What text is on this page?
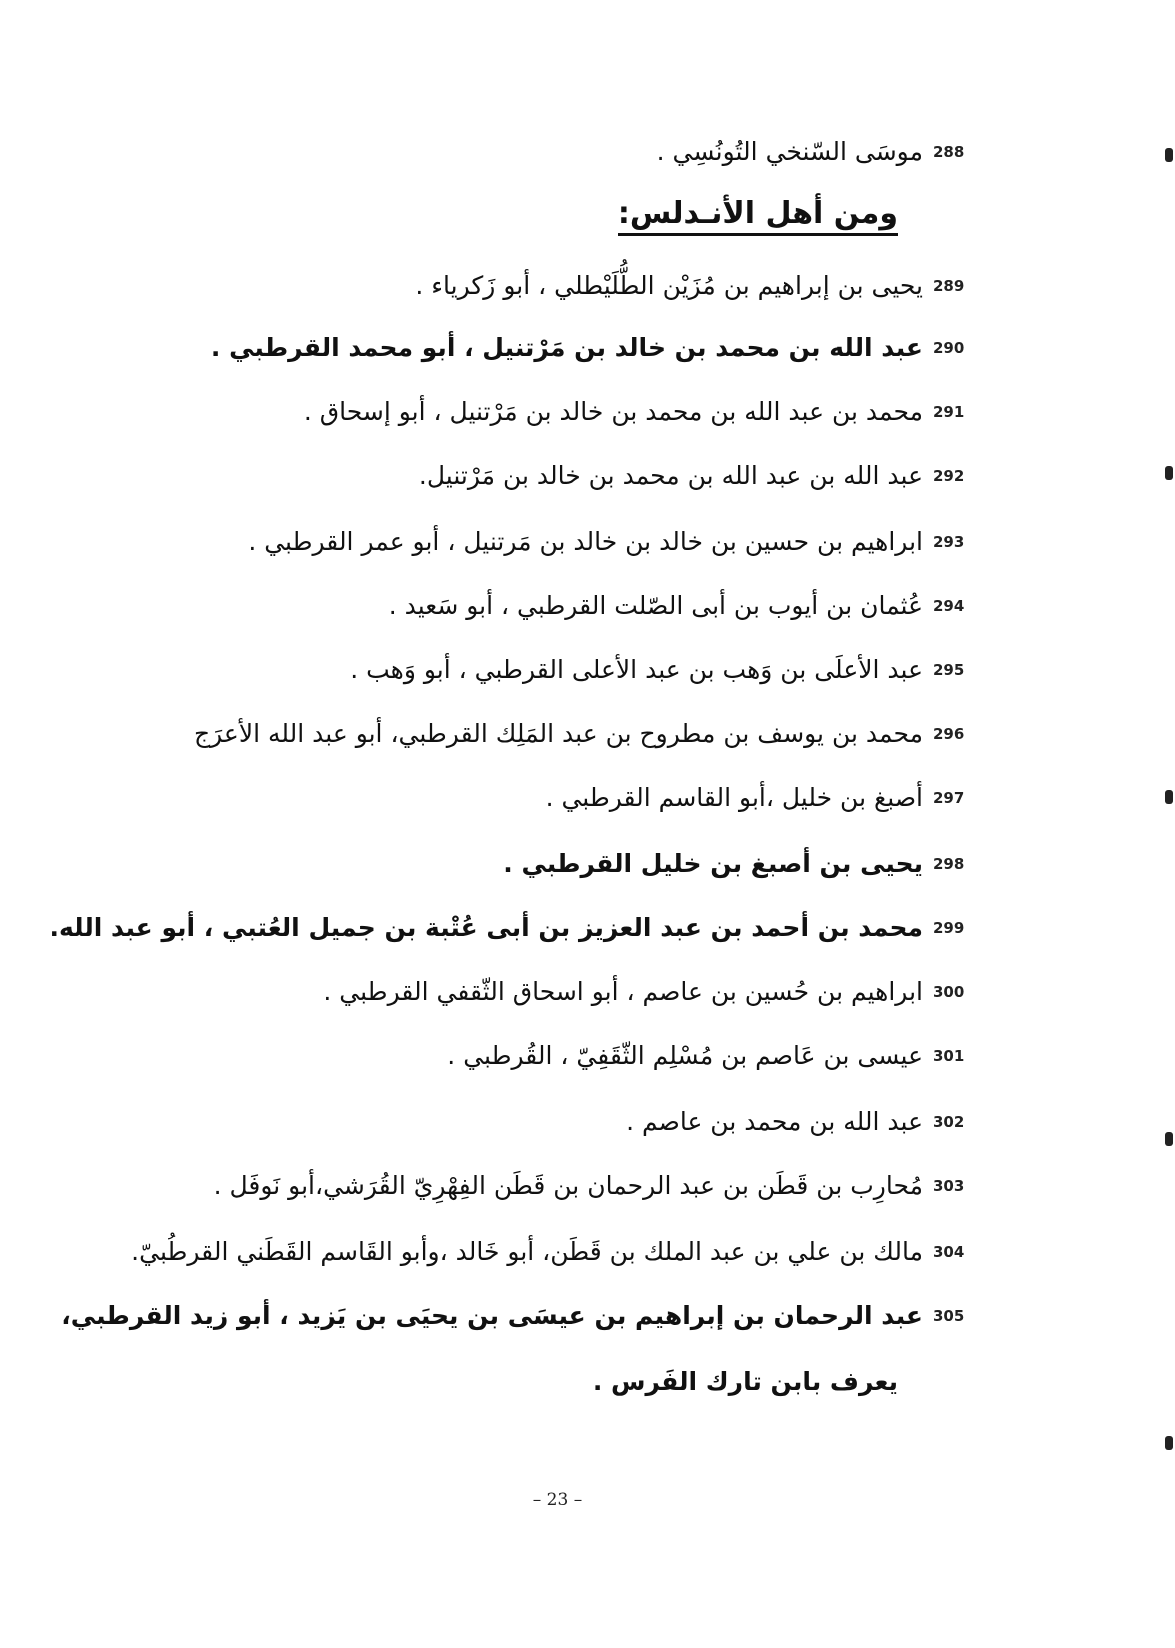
288
موسَى السّنخي التُونُسِي .
ومن أهل الأنـدلس:
289
يحيى بن إبراهيم بن مُزَيْن الطُّلَيْطلي ، أبو زَكرياء .
290
عبد الله بن محمد بن خالد بن مَرْتنيل ، أبو محمد القرطبي .
291
محمد بن عبد الله بن محمد بن خالد بن مَرْتنيل ، أبو إسحاق .
292
عبد الله بن عبد الله بن محمد بن خالد بن مَرْتنيل.
293
ابراهيم بن حسين بن خالد بن خالد بن مَرتنيل ، أبو عمر القرطبي .
294
عُثمان بن أيوب بن أبى الصّلت القرطبي ، أبو سَعيد .
295
عبد الأعلَى بن وَهب بن عبد الأعلى القرطبي ، أبو وَهب .
296
محمد بن يوسف بن مطروح بن عبد المَلِك القرطبي، أبو عبد الله الأعرَج
297
أصبغ بن خليل ،أبو القاسم القرطبي .
298
يحيى بن أصبغ بن خليل القرطبي .
299
محمد بن أحمد بن عبد العزيز بن أبى عُتْبة بن جميل العُتبي ، أبو عبد الله.
300
ابراهيم بن حُسين بن عاصم ، أبو اسحاق الثّقفي القرطبي .
301
عيسى بن عَاصم بن مُسْلِم الثّقَفِيّ ، القُرطبي .
302
عبد الله بن محمد بن عاصم .
303
مُحارِب بن قَطَن بن عبد الرحمان بن قَطَن الفِهْرِيّ القُرَشي،أبو نَوفَل .
304
مالك بن علي بن عبد الملك بن قَطَن، أبو خَالد ،وأبو القَاسم القَطَني القرطُبيّ.
305
عبد الرحمان بن إبراهيم بن عيسَى بن يحيَى بن يَزيد ، أبو زيد القرطبي،
يعرف بابن تارك الفَرس .
– 23 –
